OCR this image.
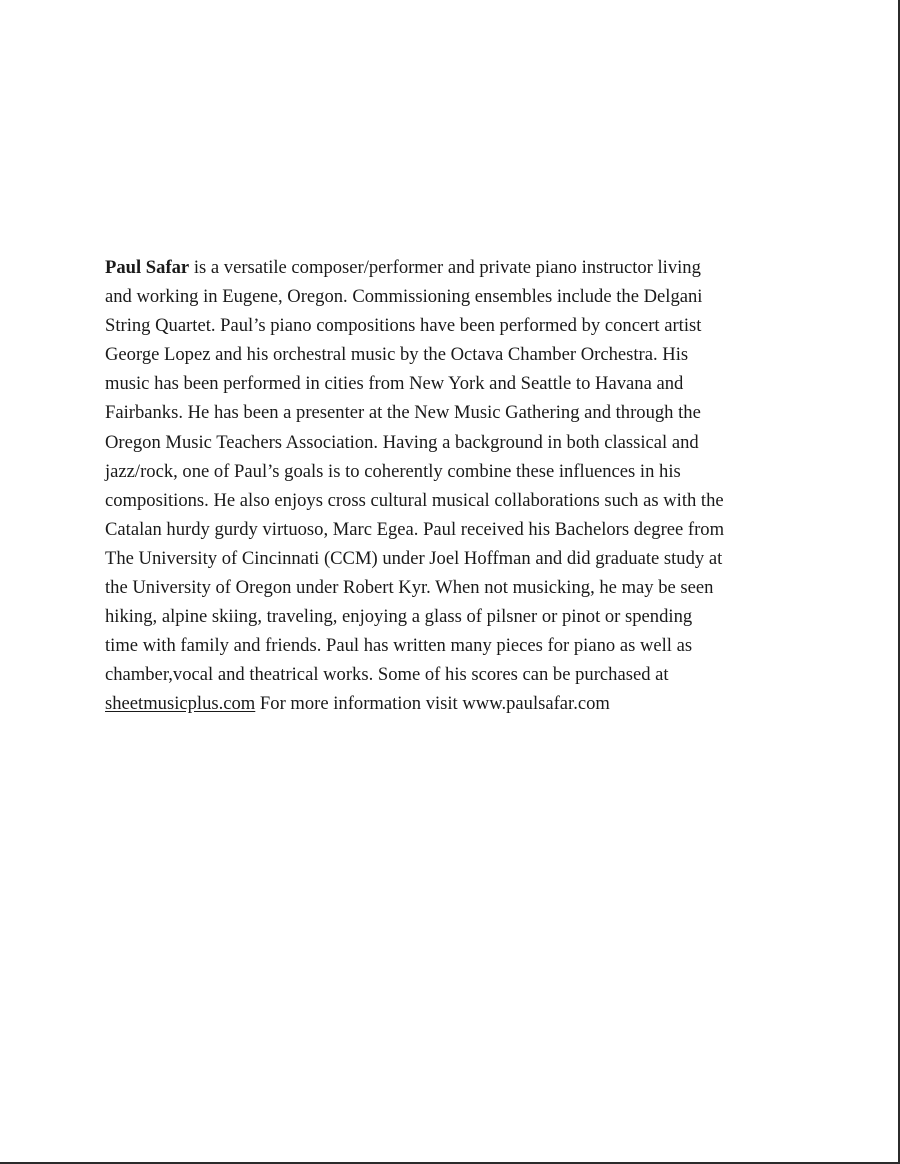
Paul Safar is a versatile composer/performer and private piano instructor living
and working in Eugene, Oregon. Commissioning ensembles include the Delgani
String Quartet. Paul’s piano compositions have been performed by concert artist
George Lopez and his orchestral music by the Octava Chamber Orchestra. His
music has been performed in cities from New York and Seattle to Havana and
Fairbanks. He has been a presenter at the New Music Gathering and through the
Oregon Music Teachers Association. Having a background in both classical and
jazz/rock, one of Paul’s goals is to coherently combine these influences in his
compositions. He also enjoys cross cultural musical collaborations such as with the
Catalan hurdy gurdy virtuoso, Marc Egea. Paul received his Bachelors degree from
The University of Cincinnati (CCM) under Joel Hoffman and did graduate study at
the University of Oregon under Robert Kyr. When not musicking, he may be seen
hiking, alpine skiing, traveling, enjoying a glass of pilsner or pinot or spending
time with family and friends. Paul has written many pieces for piano as well as
chamber,vocal and theatrical works. Some of his scores can be purchased at
sheetmusicplus.com For more information visit www.paulsafar.com
